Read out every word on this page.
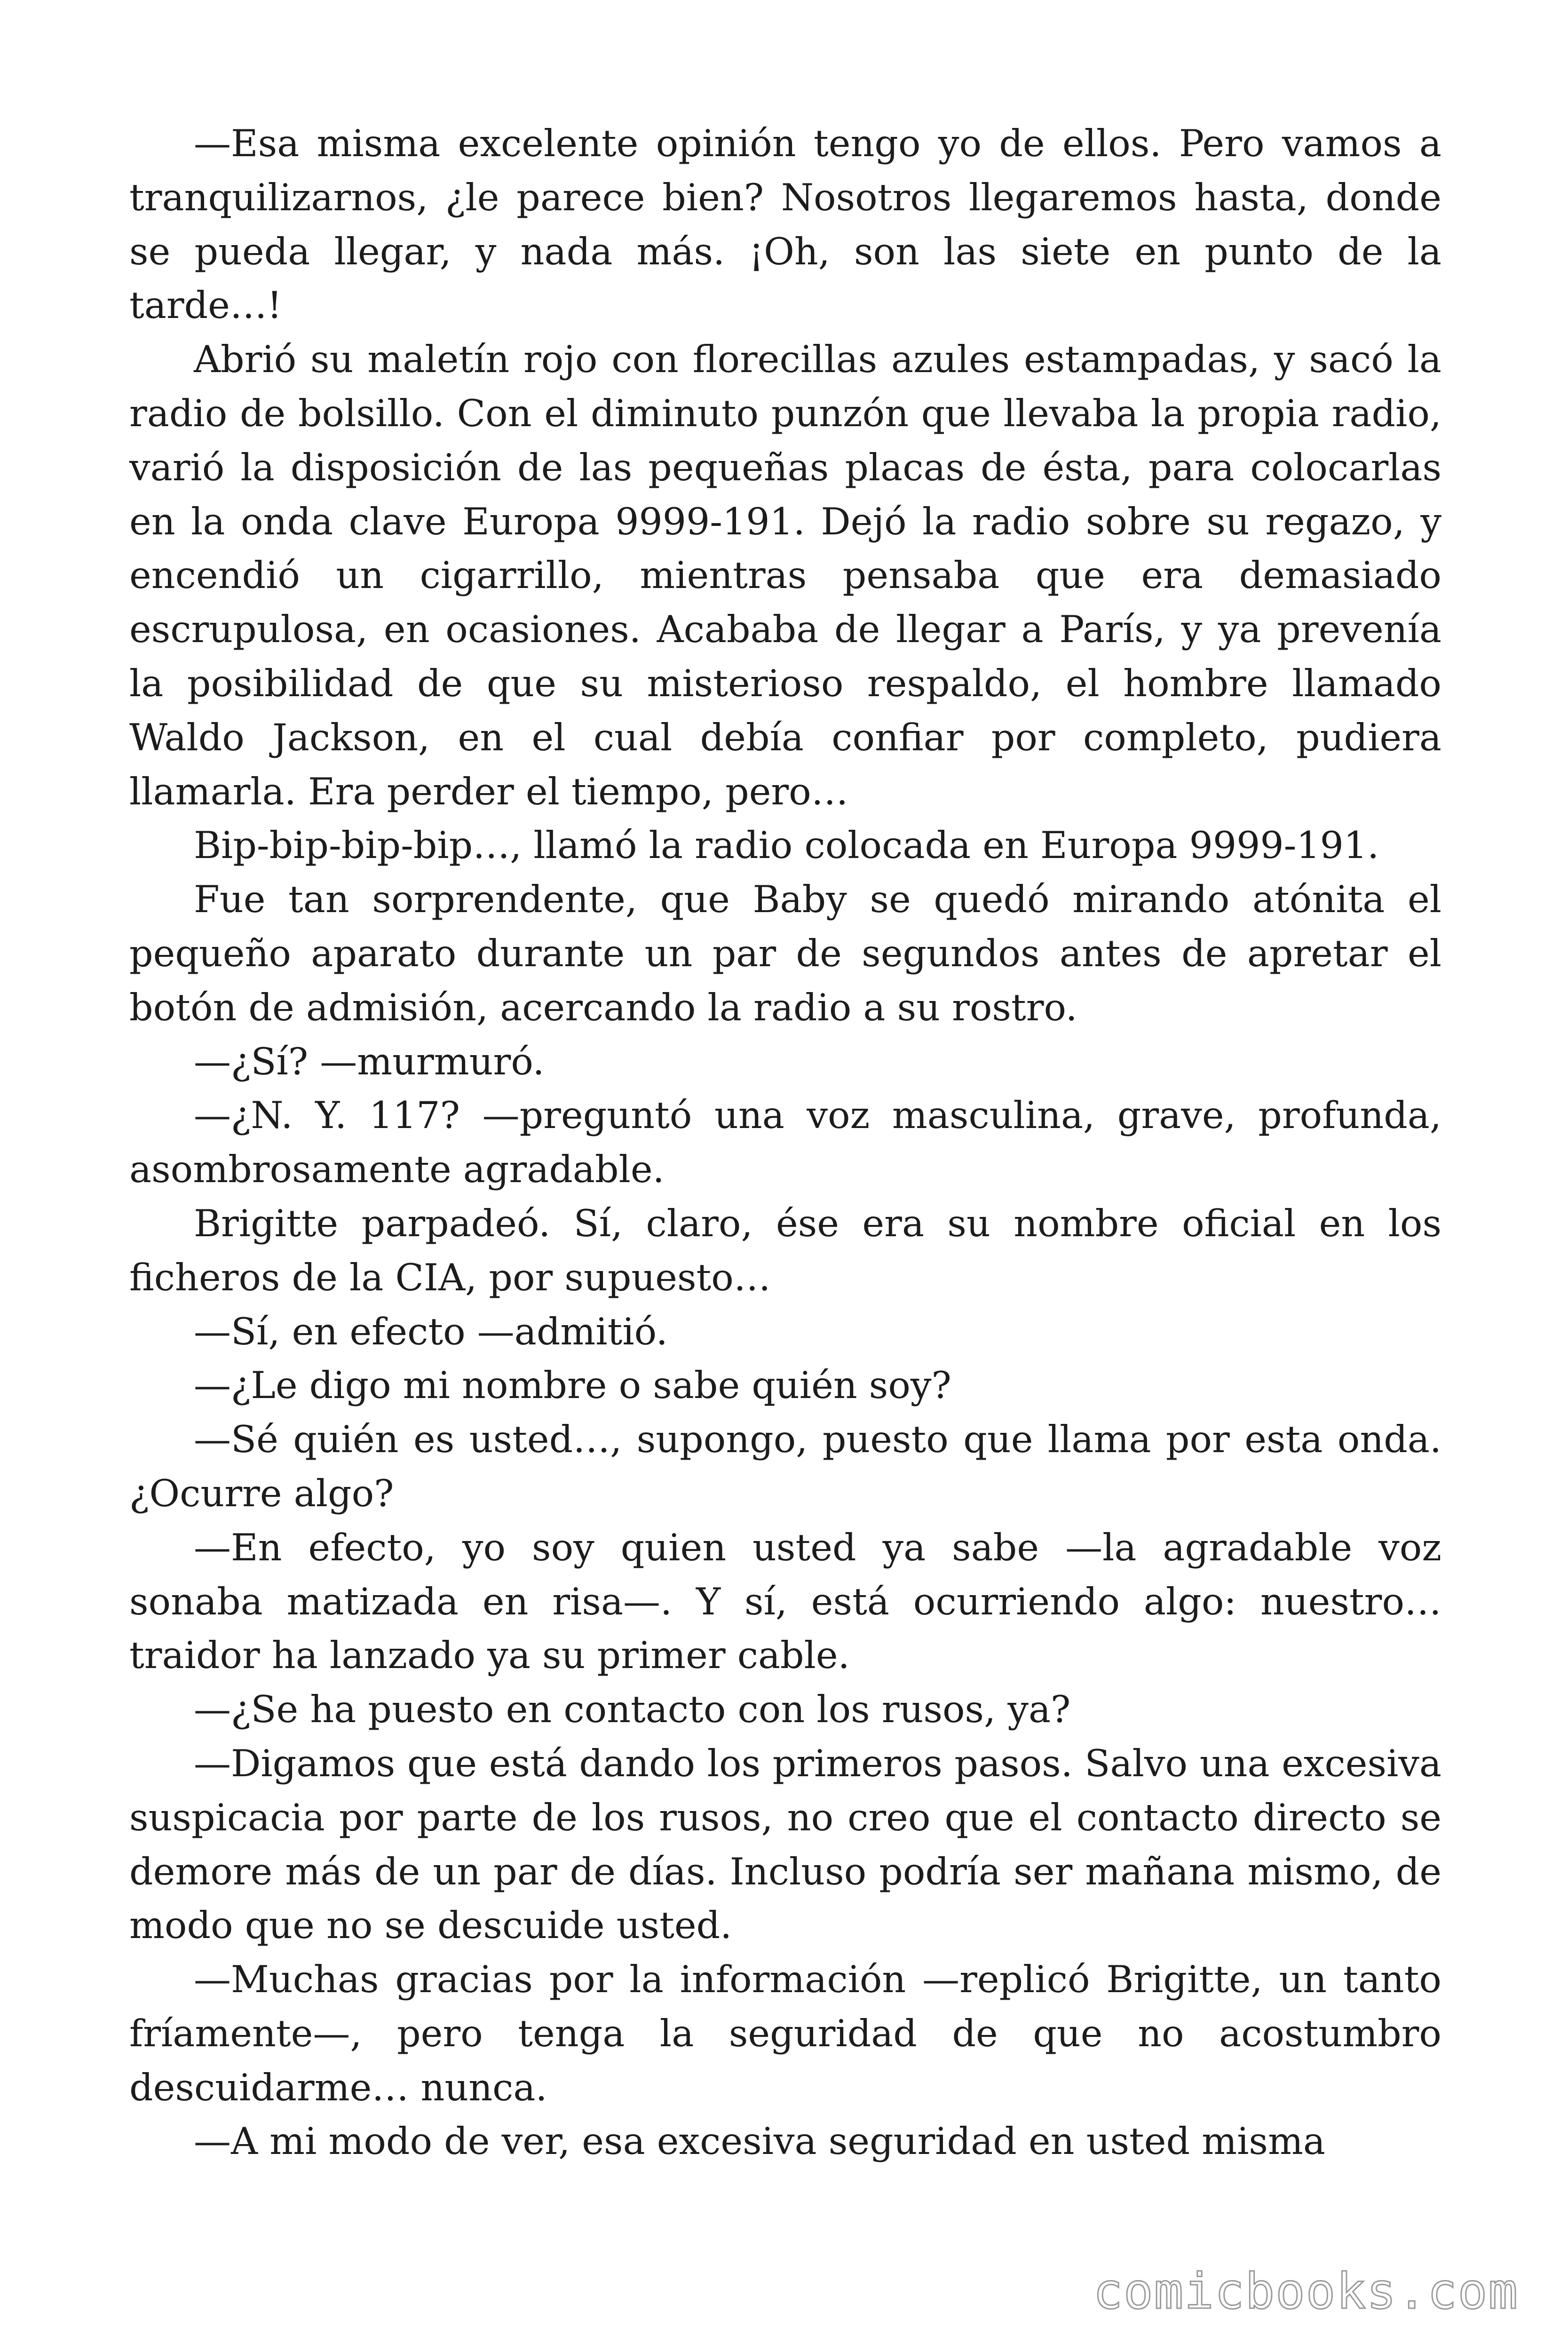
—Esa misma excelente opinión tengo yo de ellos. Pero vamos a tranquilizarnos, ¿le parece bien? Nosotros llegaremos hasta, donde se pueda llegar, y nada más. ¡Oh, son las siete en punto de la tarde…!

Abrió su maletín rojo con florecillas azules estampadas, y sacó la radio de bolsillo. Con el diminuto punzón que llevaba la propia radio, varió la disposición de las pequeñas placas de ésta, para colocarlas en la onda clave Europa 9999-191. Dejó la radio sobre su regazo, y encendió un cigarrillo, mientras pensaba que era demasiado escrupulosa, en ocasiones. Acababa de llegar a París, y ya prevenía la posibilidad de que su misterioso respaldo, el hombre llamado Waldo Jackson, en el cual debía confiar por completo, pudiera llamarla. Era perder el tiempo, pero…

Bip-bip-bip-bip…, llamó la radio colocada en Europa 9999-191.

Fue tan sorprendente, que Baby se quedó mirando atónita el pequeño aparato durante un par de segundos antes de apretar el botón de admisión, acercando la radio a su rostro.

—¿Sí? —murmuró.

—¿N. Y. 117? —preguntó una voz masculina, grave, profunda, asombrosamente agradable.

Brigitte parpadeó. Sí, claro, ése era su nombre oficial en los ficheros de la CIA, por supuesto…

—Sí, en efecto —admitió.

—¿Le digo mi nombre o sabe quién soy?

—Sé quién es usted…, supongo, puesto que llama por esta onda. ¿Ocurre algo?

—En efecto, yo soy quien usted ya sabe —la agradable voz sonaba matizada en risa—. Y sí, está ocurriendo algo: nuestro… traidor ha lanzado ya su primer cable.

—¿Se ha puesto en contacto con los rusos, ya?

—Digamos que está dando los primeros pasos. Salvo una excesiva suspicacia por parte de los rusos, no creo que el contacto directo se demore más de un par de días. Incluso podría ser mañana mismo, de modo que no se descuide usted.

—Muchas gracias por la información —replicó Brigitte, un tanto fríamente—, pero tenga la seguridad de que no acostumbro descuidarme… nunca.

—A mi modo de ver, esa excesiva seguridad en usted misma

comicbooks.com
